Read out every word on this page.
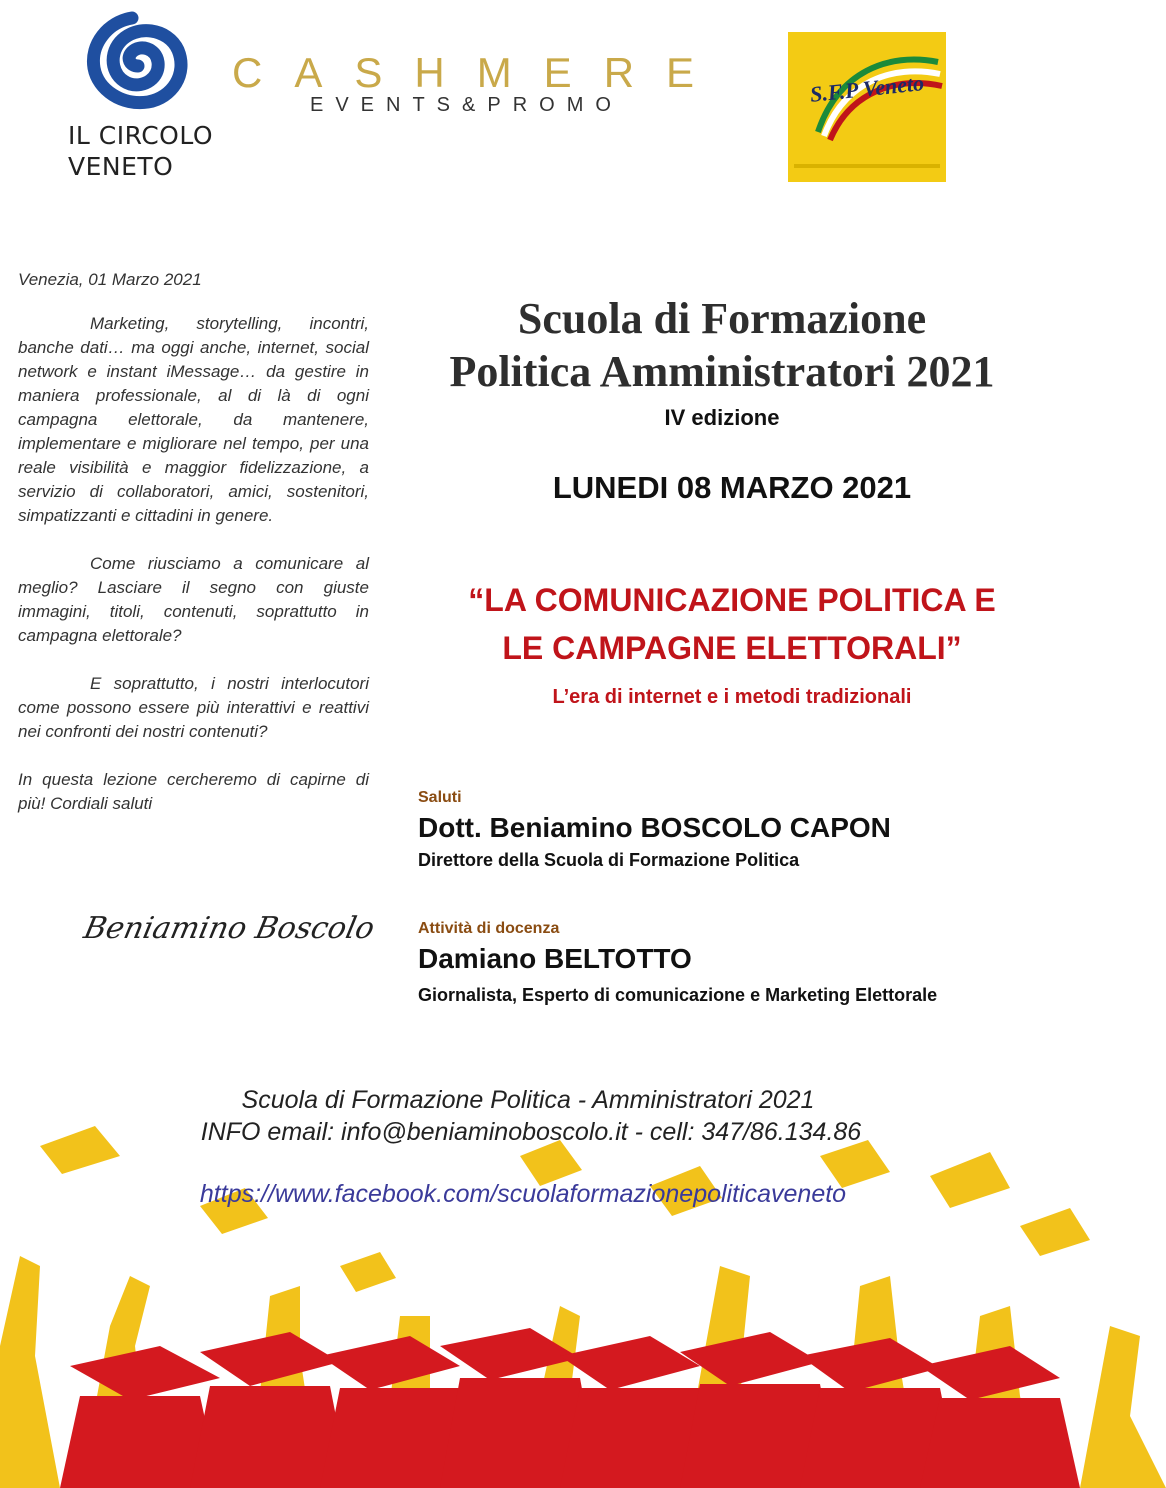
IL CIRCOLO VENETO
CASHMERE
EVENTS&PROMO	S.F.P Veneto

Venezia, 01 Marzo 2021

Marketing, storytelling, incontri, banche dati… ma oggi anche, internet, social network e instant iMessage… da gestire in maniera professionale, al di là di ogni campagna elettorale, da mantenere, implementare e migliorare nel tempo, per una reale visibilità e maggior fidelizzazione, a servizio di collaboratori, amici, sostenitori, simpatizzanti e cittadini in genere.

Come riusciamo a comunicare al meglio? Lasciare il segno con giuste immagini, titoli, contenuti, soprattutto in campagna elettorale?

E soprattutto, i nostri interlocutori come possono essere più interattivi e reattivi nei confronti dei nostri contenuti?

In questa lezione cercheremo di capirne di più! Cordiali saluti

Beniamino Boscolo
Scuola di Formazione
Politica Amministratori 2021
IV edizione
LUNEDI 08 MARZO 2021
“LA COMUNICAZIONE POLITICA E
LE CAMPAGNE ELETTORALI”
L’era di internet e i metodi tradizionali
Saluti
Dott. Beniamino BOSCOLO CAPON
Direttore della Scuola di Formazione Politica
Attività di docenza
Damiano BELTOTTO
Giornalista, Esperto di comunicazione e Marketing Elettorale
Scuola di Formazione Politica - Amministratori 2021
INFO email: info@beniaminoboscolo.it - cell: 347/86.134.86
https://www.facebook.com/scuolaformazionepoliticaveneto
